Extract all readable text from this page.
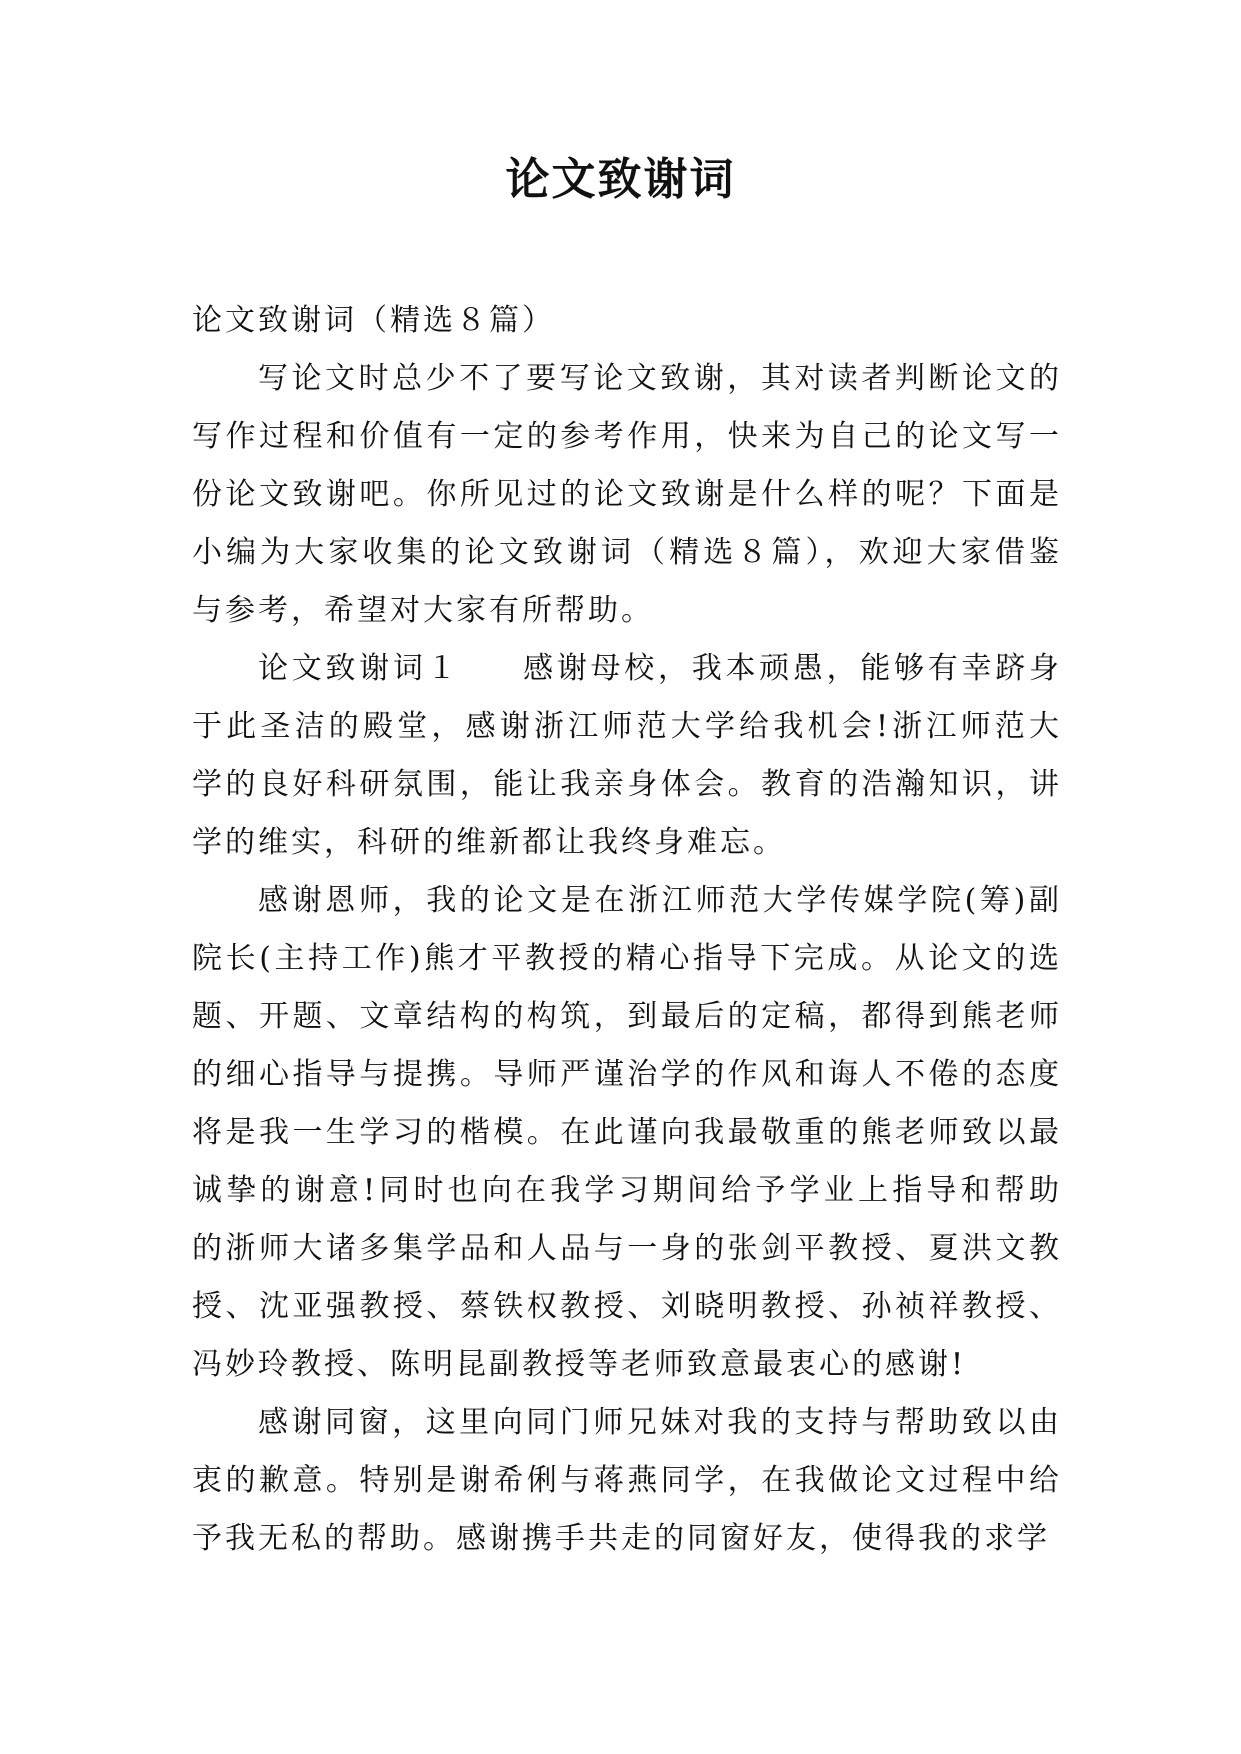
论文致谢词

论文致谢词（精选８篇）

写论文时总少不了要写论文致谢，其对读者判断论文的写作过程和价值有一定的参考作用，快来为自己的论文写一份论文致谢吧。你所见过的论文致谢是什么样的呢？下面是小编为大家收集的论文致谢词（精选８篇），欢迎大家借鉴与参考，希望对大家有所帮助。

论文致谢词１ 感谢母校，我本顽愚，能够有幸跻身于此圣洁的殿堂，感谢浙江师范大学给我机会!浙江师范大学的良好科研氛围，能让我亲身体会。教育的浩瀚知识，讲学的维实，科研的维新都让我终身难忘。

感谢恩师，我的论文是在浙江师范大学传媒学院(筹)副院长(主持工作)熊才平教授的精心指导下完成。从论文的选题、开题、文章结构的构筑，到最后的定稿，都得到熊老师的细心指导与提携。导师严谨治学的作风和诲人不倦的态度将是我一生学习的楷模。在此谨向我最敬重的熊老师致以最诚挚的谢意!同时也向在我学习期间给予学业上指导和帮助的浙师大诸多集学品和人品与一身的张剑平教授、夏洪文教授、沈亚强教授、蔡铁权教授、刘晓明教授、孙祯祥教授、冯妙玲教授、陈明昆副教授等老师致意最衷心的感谢!

感谢同窗，这里向同门师兄妹对我的支持与帮助致以由衷的歉意。特别是谢希俐与蒋燕同学，在我做论文过程中给予我无私的帮助。感谢携手共走的同窗好友，使得我的求学
